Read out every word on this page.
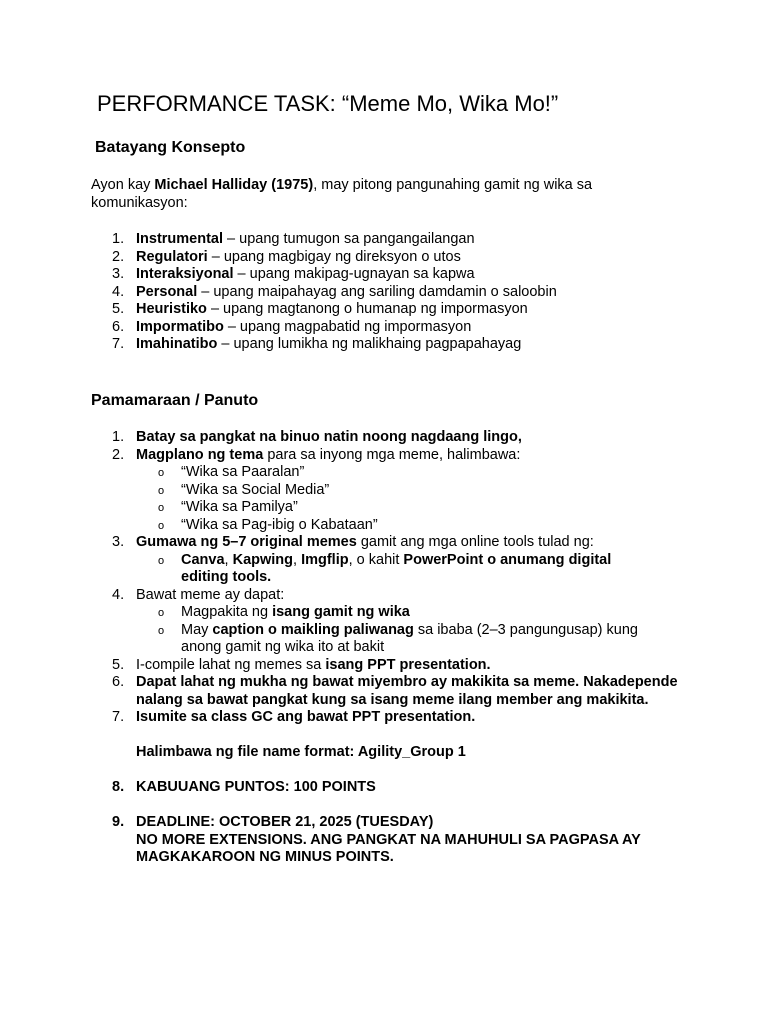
PERFORMANCE TASK: “Meme Mo, Wika Mo!”
Batayang Konsepto
Ayon kay Michael Halliday (1975), may pitong pangunahing gamit ng wika sa komunikasyon:
1. Instrumental – upang tumugon sa pangangailangan
2. Regulatori – upang magbigay ng direksyon o utos
3. Interaksiyonal – upang makipag-ugnayan sa kapwa
4. Personal – upang maipahayag ang sariling damdamin o saloobin
5. Heuristiko – upang magtanong o humanap ng impormasyon
6. Impormatibo – upang magpabatid ng impormasyon
7. Imahinatibo – upang lumikha ng malikhaing pagpapahayag
Pamamaraan / Panuto
1. Batay sa pangkat na binuo natin noong nagdaang lingo,
2. Magplano ng tema para sa inyong mga meme, halimbawa:
o “Wika sa Paaralan”
o “Wika sa Social Media”
o “Wika sa Pamilya”
o “Wika sa Pag-ibig o Kabataan”
3. Gumawa ng 5–7 original memes gamit ang mga online tools tulad ng:
o Canva, Kapwing, Imgflip, o kahit PowerPoint o anumang digital editing tools.
4. Bawat meme ay dapat:
o Magpakita ng isang gamit ng wika
o May caption o maikling paliwanag sa ibaba (2–3 pangungusap) kung anong gamit ng wika ito at bakit
5. I-compile lahat ng memes sa isang PPT presentation.
6. Dapat lahat ng mukha ng bawat miyembro ay makikita sa meme. Nakadepende nalang sa bawat pangkat kung sa isang meme ilang member ang makikita.
7. Isumite sa class GC ang bawat PPT presentation.
Halimbawa ng file name format: Agility_Group 1
8. KABUUANG PUNTOS: 100 POINTS
9. DEADLINE: OCTOBER 21, 2025 (TUESDAY)
NO MORE EXTENSIONS. ANG PANGKAT NA MAHUHULI SA PAGPASA AY MAGKAKAROON NG MINUS POINTS.
